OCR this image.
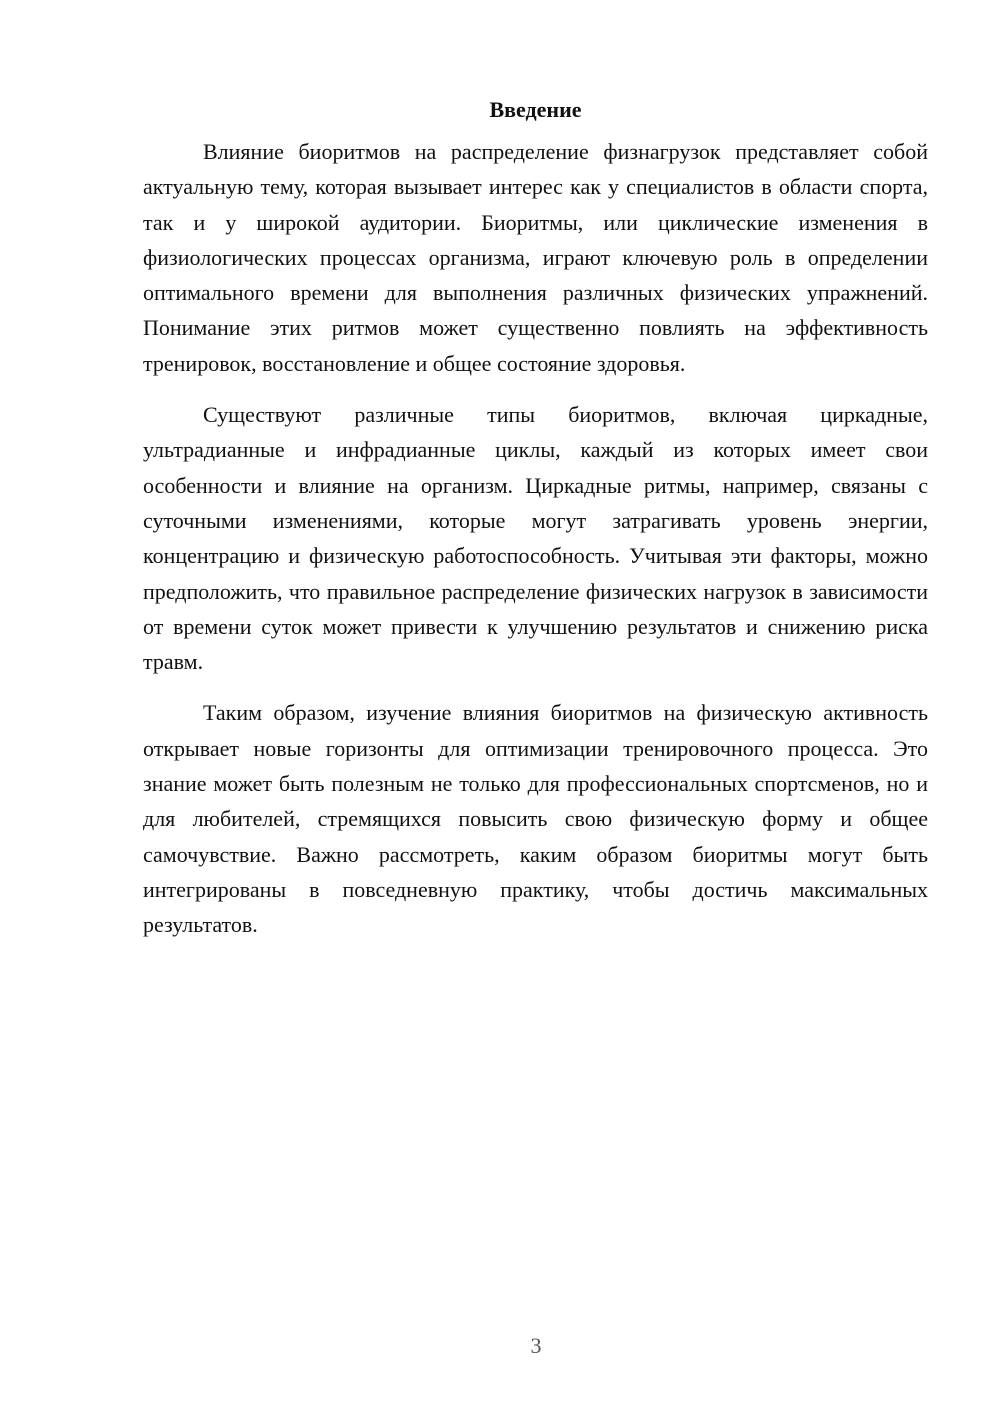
Введение

Влияние биоритмов на распределение физнагрузок представляет собой актуальную тему, которая вызывает интерес как у специалистов в области спорта, так и у широкой аудитории. Биоритмы, или циклические изменения в физиологических процессах организма, играют ключевую роль в определении оптимального времени для выполнения различных физических упражнений. Понимание этих ритмов может существенно повлиять на эффективность тренировок, восстановление и общее состояние здоровья.

Существуют различные типы биоритмов, включая циркадные, ультрадианные и инфрадианные циклы, каждый из которых имеет свои особенности и влияние на организм. Циркадные ритмы, например, связаны с суточными изменениями, которые могут затрагивать уровень энергии, концентрацию и физическую работоспособность. Учитывая эти факторы, можно предположить, что правильное распределение физических нагрузок в зависимости от времени суток может привести к улучшению результатов и снижению риска травм.

Таким образом, изучение влияния биоритмов на физическую активность открывает новые горизонты для оптимизации тренировочного процесса. Это знание может быть полезным не только для профессиональных спортсменов, но и для любителей, стремящихся повысить свою физическую форму и общее самочувствие. Важно рассмотреть, каким образом биоритмы могут быть интегрированы в повседневную практику, чтобы достичь максимальных результатов.

3
